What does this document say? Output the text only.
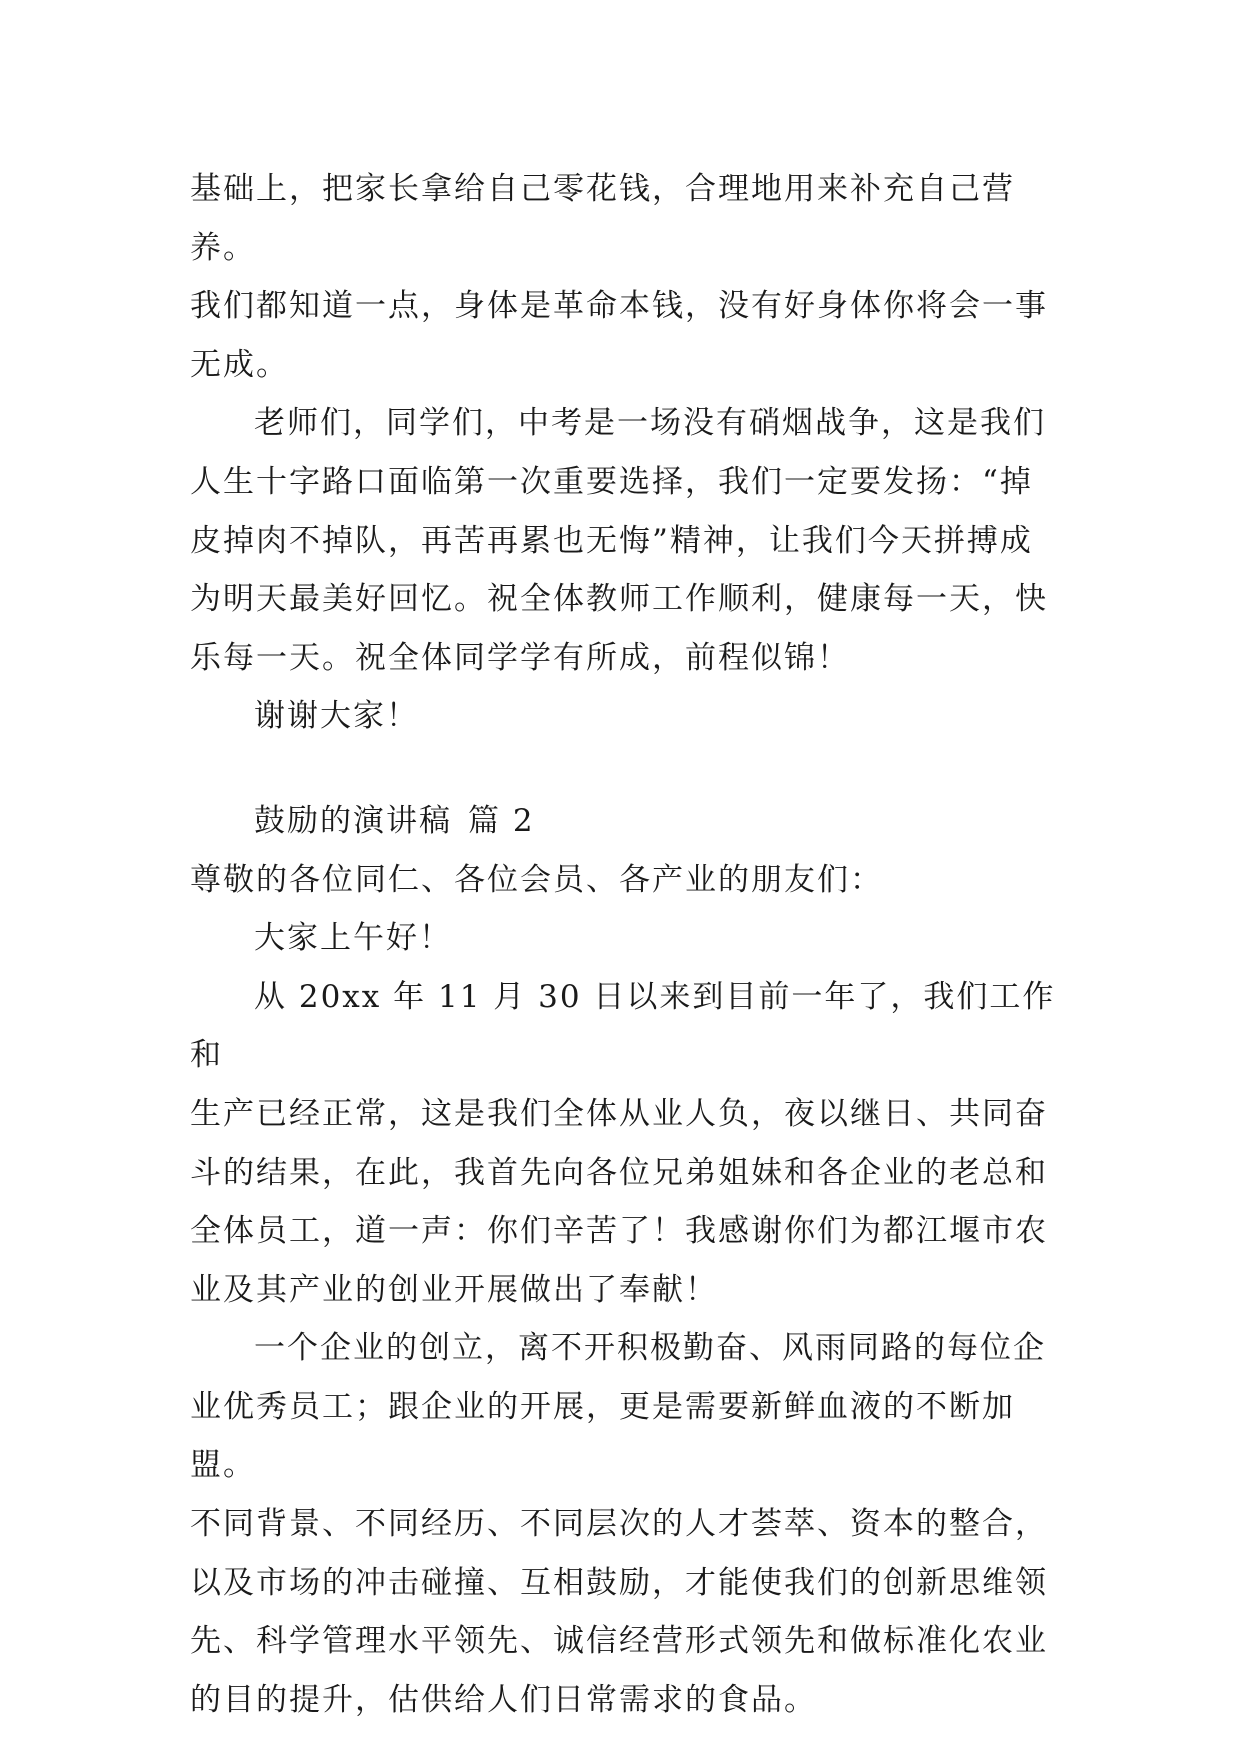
基础上，把家长拿给自己零花钱，合理地用来补充自己营养。
我们都知道一点，身体是革命本钱，没有好身体你将会一事
无成。

老师们，同学们，中考是一场没有硝烟战争，这是我们
人生十字路口面临第一次重要选择，我们一定要发扬：“掉
皮掉肉不掉队，再苦再累也无悔”精神，让我们今天拼搏成
为明天最美好回忆。祝全体教师工作顺利，健康每一天，快
乐每一天。祝全体同学学有所成，前程似锦！

谢谢大家！

鼓励的演讲稿 篇 2

尊敬的各位同仁、各位会员、各产业的朋友们：

大家上午好！

从 20xx 年 11 月 30 日以来到目前一年了，我们工作和
生产已经正常，这是我们全体从业人负，夜以继日、共同奋
斗的结果，在此，我首先向各位兄弟姐妹和各企业的老总和
全体员工，道一声：你们辛苦了！我感谢你们为都江堰市农
业及其产业的创业开展做出了奉献！

一个企业的创立，离不开积极勤奋、风雨同路的每位企
业优秀员工；跟企业的开展，更是需要新鲜血液的不断加盟。
不同背景、不同经历、不同层次的人才荟萃、资本的整合，
以及市场的冲击碰撞、互相鼓励，才能使我们的创新思维领
先、科学管理水平领先、诚信经营形式领先和做标准化农业
的目的提升，估供给人们日常需求的食品。
